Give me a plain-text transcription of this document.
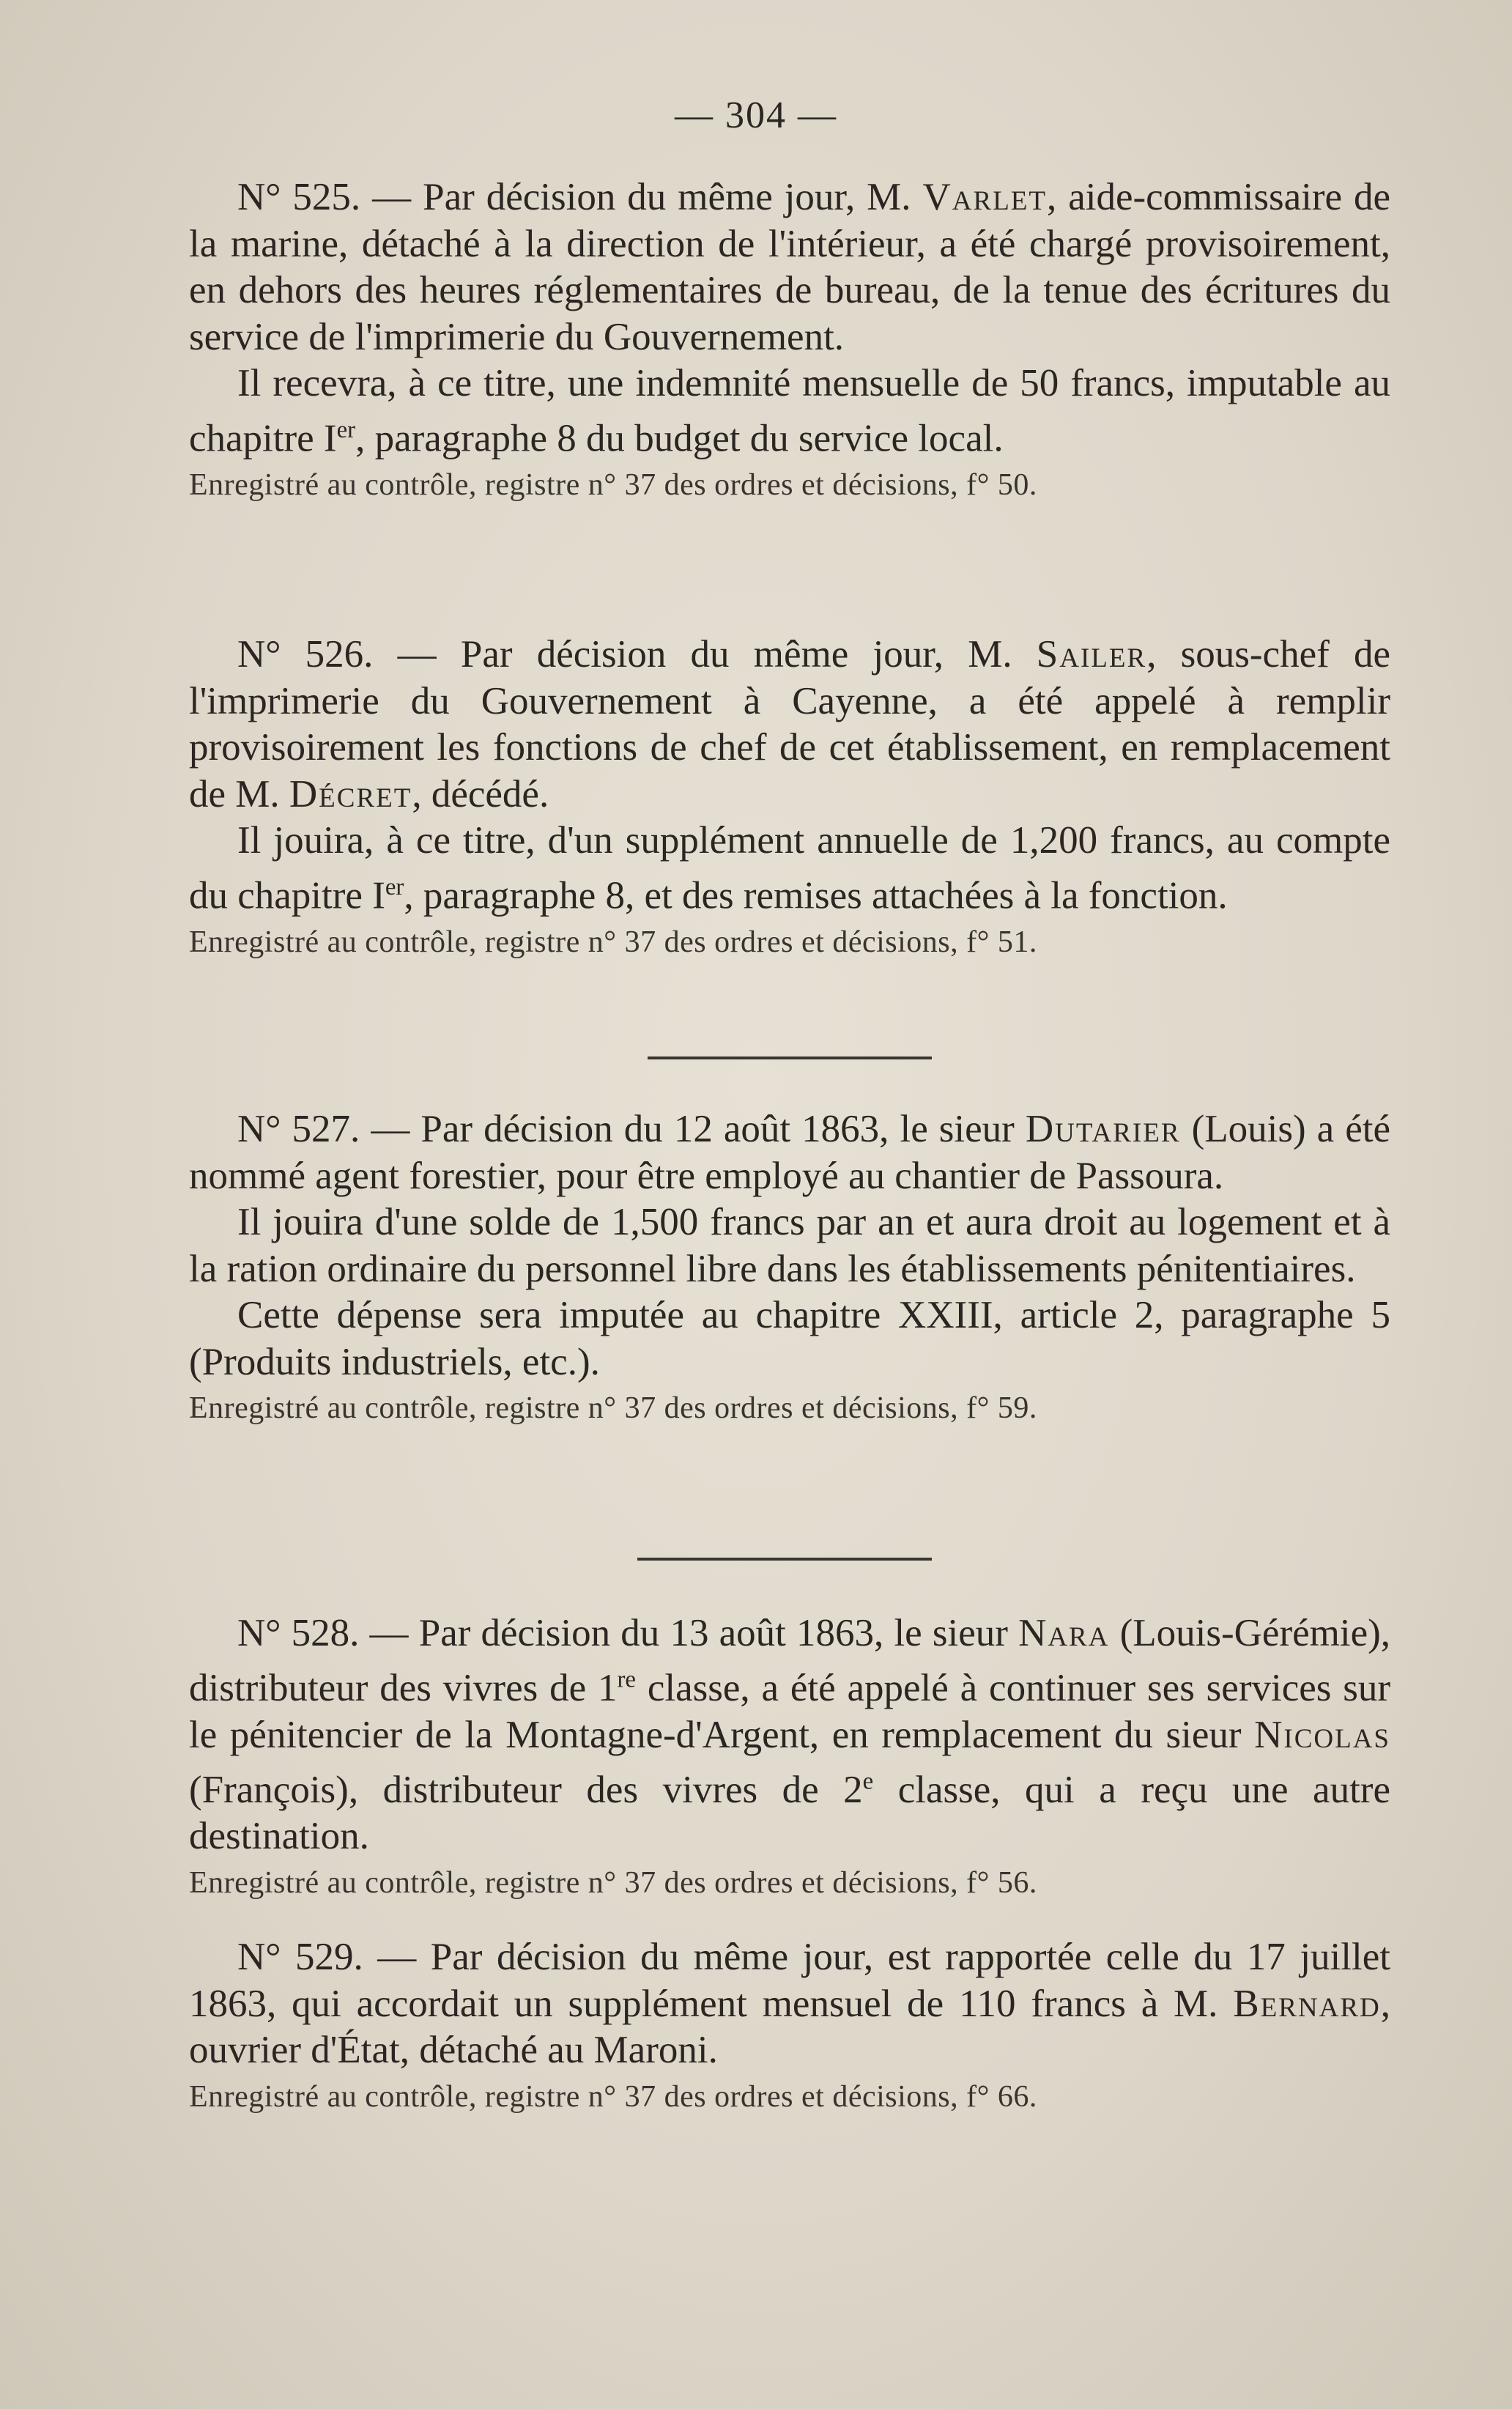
— 304 —

N° 525. — Par décision du même jour, M. Varlet, aide-commissaire de la marine, détaché à la direction de l'intérieur, a été chargé provisoirement, en dehors des heures réglementaires de bureau, de la tenue des écritures du service de l'imprimerie du Gouvernement.

Il recevra, à ce titre, une indemnité mensuelle de 50 francs, imputable au chapitre Ier, paragraphe 8 du budget du service local.

Enregistré au contrôle, registre n° 37 des ordres et décisions, f° 50.

N° 526. — Par décision du même jour, M. Sailer, sous-chef de l'imprimerie du Gouvernement à Cayenne, a été appelé à remplir provisoirement les fonctions de chef de cet établissement, en remplacement de M. Décret, décédé.

Il jouira, à ce titre, d'un supplément annuelle de 1,200 francs, au compte du chapitre Ier, paragraphe 8, et des remises attachées à la fonction.

Enregistré au contrôle, registre n° 37 des ordres et décisions, f° 51.

N° 527. — Par décision du 12 août 1863, le sieur Dutarier (Louis) a été nommé agent forestier, pour être employé au chantier de Passoura.

Il jouira d'une solde de 1,500 francs par an et aura droit au logement et à la ration ordinaire du personnel libre dans les établissements pénitentiaires.

Cette dépense sera imputée au chapitre XXIII, article 2, paragraphe 5 (Produits industriels, etc.).

Enregistré au contrôle, registre n° 37 des ordres et décisions, f° 59.

N° 528. — Par décision du 13 août 1863, le sieur Nara (Louis-Gérémie), distributeur des vivres de 1re classe, a été appelé à continuer ses services sur le pénitencier de la Montagne-d'Argent, en remplacement du sieur Nicolas (François), distributeur des vivres de 2e classe, qui a reçu une autre destination.

Enregistré au contrôle, registre n° 37 des ordres et décisions, f° 56.

N° 529. — Par décision du même jour, est rapportée celle du 17 juillet 1863, qui accordait un supplément mensuel de 110 francs à M. Bernard, ouvrier d'État, détaché au Maroni.

Enregistré au contrôle, registre n° 37 des ordres et décisions, f° 66.
